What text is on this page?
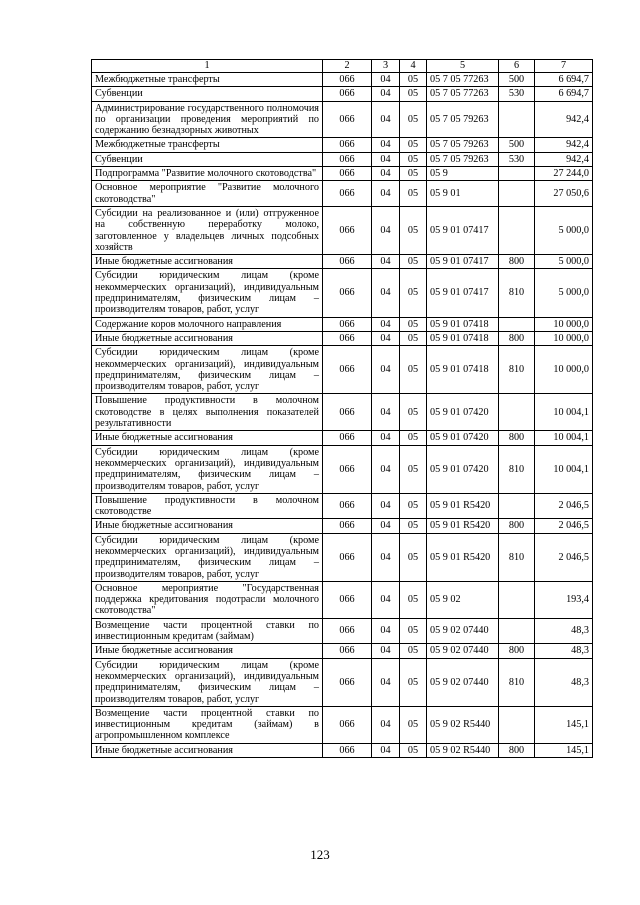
1	2	3	4	5	6	7
Межбюджетные трансферты	066	04	05	05 7 05 77263	500	6 694,7
Субвенции	066	04	05	05 7 05 77263	530	6 694,7
Администрирование государственного полномочия по организации проведения мероприятий по содержанию безнадзорных животных	066	04	05	05 7 05 79263		942,4
Межбюджетные трансферты	066	04	05	05 7 05 79263	500	942,4
Субвенции	066	04	05	05 7 05 79263	530	942,4
Подпрограмма "Развитие молочного скотоводства"	066	04	05	05 9		27 244,0
Основное мероприятие "Развитие молочного скотоводства"	066	04	05	05 9 01		27 050,6
Субсидии на реализованное и (или) отгруженное на собственную переработку молоко, заготовленное у владельцев личных подсобных хозяйств	066	04	05	05 9 01 07417		5 000,0
Иные бюджетные ассигнования	066	04	05	05 9 01 07417	800	5 000,0
Субсидии юридическим лицам (кроме некоммерческих организаций), индивидуальным предпринимателям, физическим лицам – производителям товаров, работ, услуг	066	04	05	05 9 01 07417	810	5 000,0
Содержание коров молочного направления	066	04	05	05 9 01 07418		10 000,0
Иные бюджетные ассигнования	066	04	05	05 9 01 07418	800	10 000,0
Субсидии юридическим лицам (кроме некоммерческих организаций), индивидуальным предпринимателям, физическим лицам – производителям товаров, работ, услуг	066	04	05	05 9 01 07418	810	10 000,0
Повышение продуктивности в молочном скотоводстве в целях выполнения показателей результативности	066	04	05	05 9 01 07420		10 004,1
Иные бюджетные ассигнования	066	04	05	05 9 01 07420	800	10 004,1
Субсидии юридическим лицам (кроме некоммерческих организаций), индивидуальным предпринимателям, физическим лицам – производителям товаров, работ, услуг	066	04	05	05 9 01 07420	810	10 004,1
Повышение продуктивности в молочном скотоводстве	066	04	05	05 9 01 R5420		2 046,5
Иные бюджетные ассигнования	066	04	05	05 9 01 R5420	800	2 046,5
Субсидии юридическим лицам (кроме некоммерческих организаций), индивидуальным предпринимателям, физическим лицам – производителям товаров, работ, услуг	066	04	05	05 9 01 R5420	810	2 046,5
Основное мероприятие "Государственная поддержка кредитования подотрасли молочного скотоводства"	066	04	05	05 9 02		193,4
Возмещение части процентной ставки по инвестиционным кредитам (займам)	066	04	05	05 9 02 07440		48,3
Иные бюджетные ассигнования	066	04	05	05 9 02 07440	800	48,3
Субсидии юридическим лицам (кроме некоммерческих организаций), индивидуальным предпринимателям, физическим лицам – производителям товаров, работ, услуг	066	04	05	05 9 02 07440	810	48,3
Возмещение части процентной ставки по инвестиционным кредитам (займам) в агропромышленном комплексе	066	04	05	05 9 02 R5440		145,1
Иные бюджетные ассигнования	066	04	05	05 9 02 R5440	800	145,1
123
